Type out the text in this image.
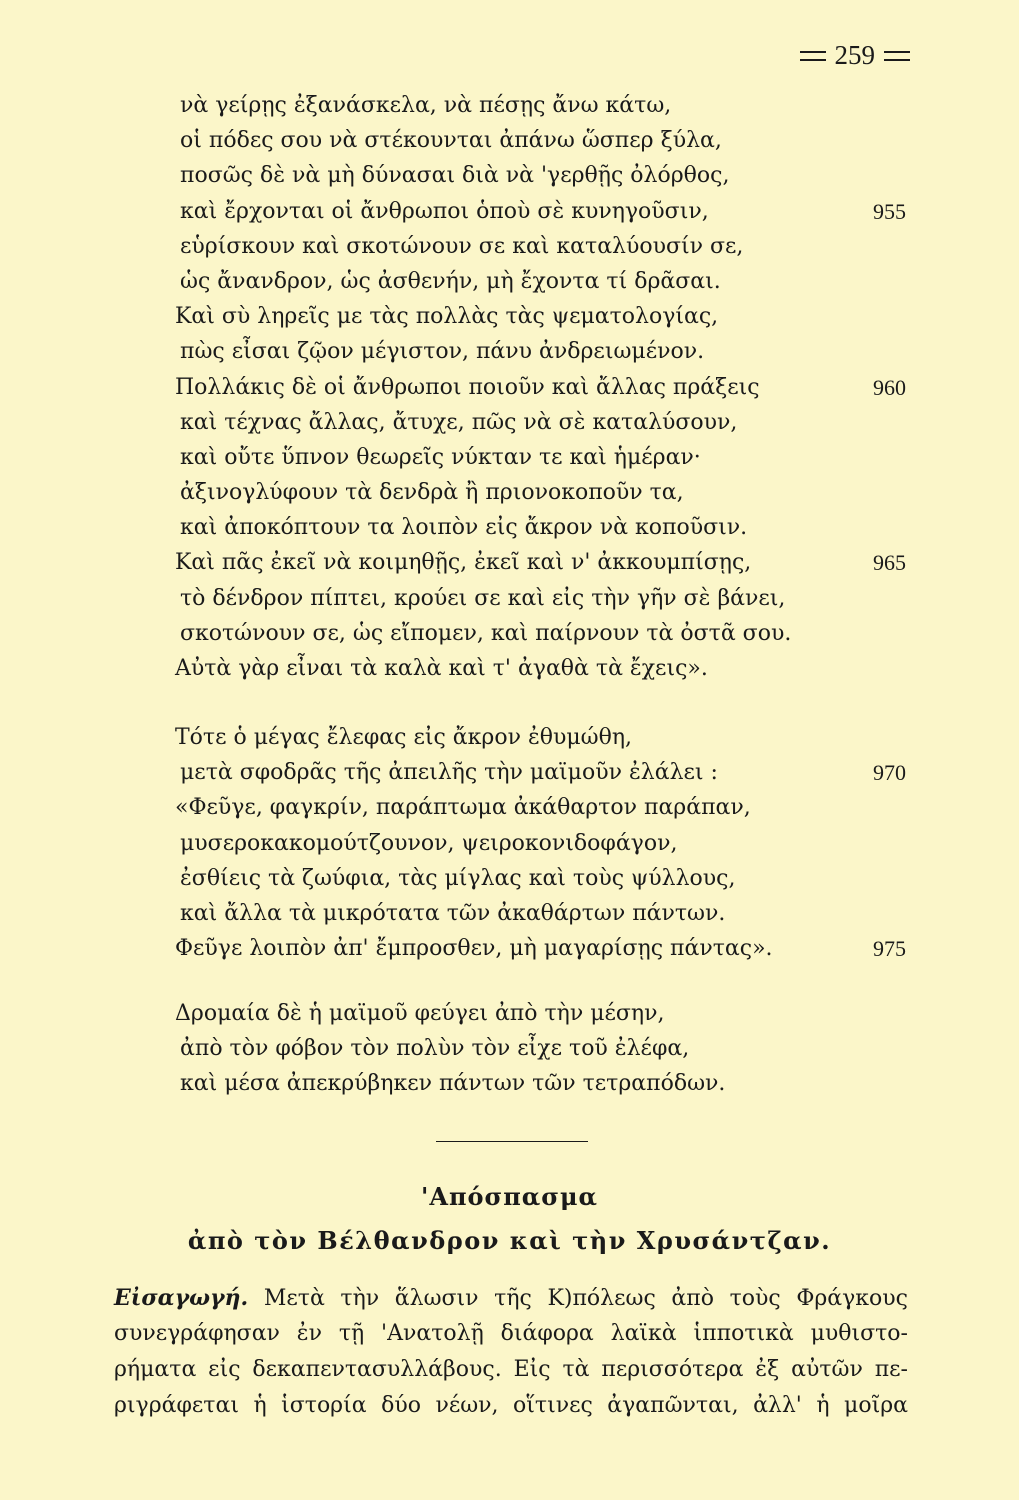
259
νὰ γείρῃς ἐξανάσκελα, νὰ πέσῃς ἄνω κάτω,
οἱ πόδες σου νὰ στέκουνται ἀπάνω ὥσπερ ξύλα,
ποσῶς δὲ νὰ μὴ δύνασαι διὰ νὰ 'γερθῇς ὀλόρθος,
καὶ ἔρχονται οἱ ἄνθρωποι ὁποὺ σὲ κυνηγοῦσιν,	955
εὑρίσκουν καὶ σκοτώνουν σε καὶ καταλύουσίν σε,
ὡς ἄνανδρον, ὡς ἀσθενήν, μὴ ἔχοντα τί δρᾶσαι.
Καὶ σὺ ληρεῖς με τὰς πολλὰς τὰς ψεματολογίας,
πὼς εἶσαι ζῷον μέγιστον, πάνυ ἀνδρειωμένον.
Πολλάκις δὲ οἱ ἄνθρωποι ποιοῦν καὶ ἄλλας πράξεις	960
καὶ τέχνας ἄλλας, ἄτυχε, πῶς νὰ σὲ καταλύσουν,
καὶ οὔτε ὕπνον θεωρεῖς νύκταν τε καὶ ἡμέραν·
ἀξινογλύφουν τὰ δενδρὰ ἢ πριονοκοποῦν τα,
καὶ ἀποκόπτουν τα λοιπὸν εἰς ἄκρον νὰ κοποῦσιν.
Καὶ πᾶς ἐκεῖ νὰ κοιμηθῇς, ἐκεῖ καὶ ν' ἀκκουμπίσῃς,	965
τὸ δένδρον πίπτει, κρούει σε καὶ εἰς τὴν γῆν σὲ βάνει,
σκοτώνουν σε, ὡς εἴπομεν, καὶ παίρνουν τὰ ὀστᾶ σου.
Αὐτὰ γὰρ εἶναι τὰ καλὰ καὶ τ' ἀγαθὰ τὰ ἔχεις».
Τότε ὁ μέγας ἔλεφας εἰς ἄκρον ἐθυμώθη,
μετὰ σφοδρᾶς τῆς ἀπειλῆς τὴν μαϊμοῦν ἐλάλει :	970
«Φεῦγε, φαγκρίν, παράπτωμα ἀκάθαρτον παράπαν,
μυσεροκακομούτζουνον, ψειροκονιδοφάγον,
ἐσθίεις τὰ ζωύφια, τὰς μίγλας καὶ τοὺς ψύλλους,
καὶ ἄλλα τὰ μικρότατα τῶν ἀκαθάρτων πάντων.
Φεῦγε λοιπὸν ἀπ' ἔμπροσθεν, μὴ μαγαρίσῃς πάντας».	975
Δρομαία δὲ ἡ μαϊμοῦ φεύγει ἀπὸ τὴν μέσην,
ἀπὸ τὸν φόβον τὸν πολὺν τὸν εἶχε τοῦ ἐλέφα,
καὶ μέσα ἀπεκρύβηκεν πάντων τῶν τετραπόδων.
'Απόσπασμα
ἀπὸ τὸν Βέλθανδρον καὶ τὴν Χρυσάντζαν.
Εἰσαγωγή. Μετὰ τὴν ἅλωσιν τῆς Κ)πόλεως ἀπὸ τοὺς Φράγκους
συνεγράφησαν ἐν τῇ 'Ανατολῇ διάφορα λαϊκὰ ἱπποτικὰ μυθιστο-
ρήματα εἰς δεκαπεντασυλλάβους. Εἰς τὰ περισσότερα ἐξ αὐτῶν πε-
ριγράφεται ἡ ἱστορία δύο νέων, οἵτινες ἀγαπῶνται, ἀλλ' ἡ μοῖρα
